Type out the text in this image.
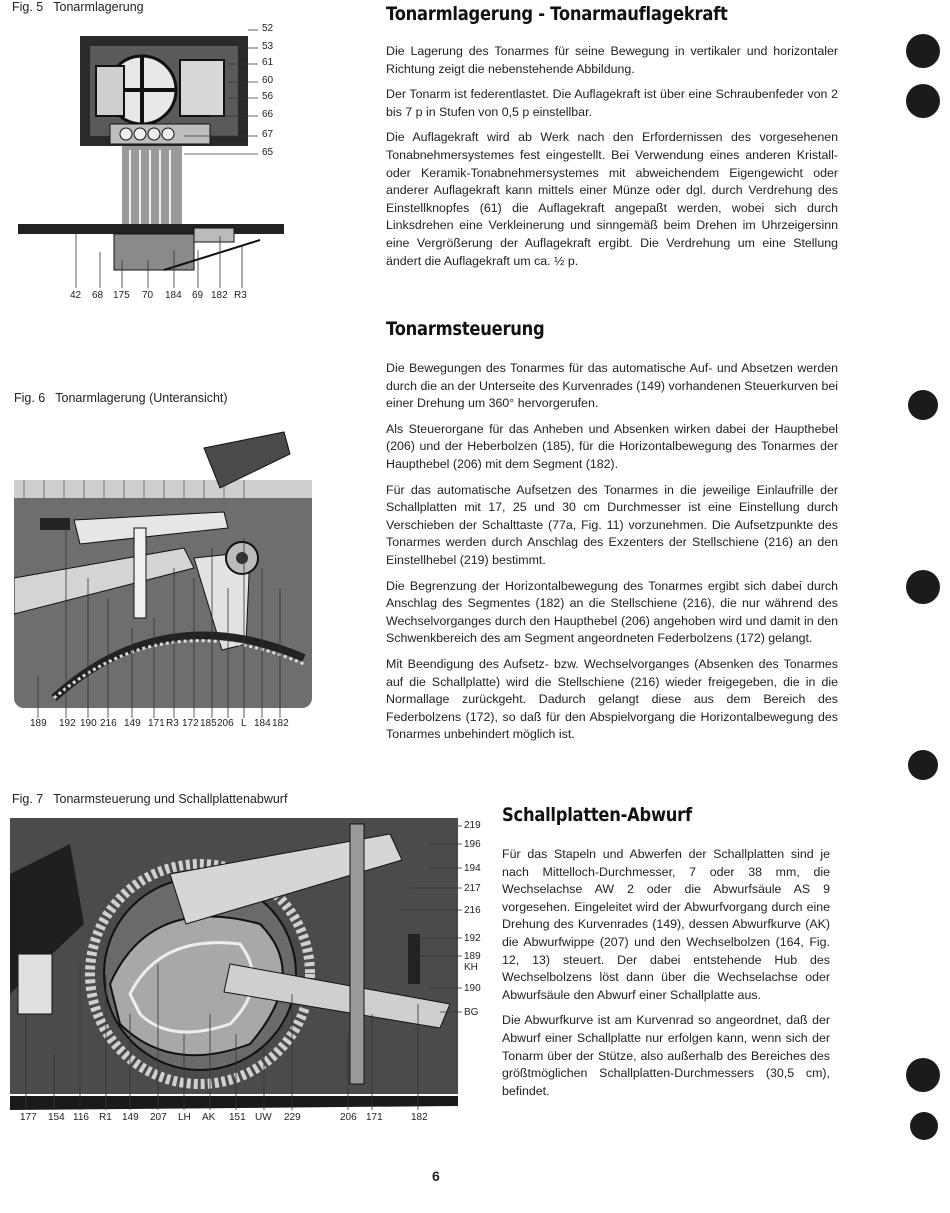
Fig. 5 Tonarmlagerung
52
53
61
60
56
66
67
65
42 68 175 70 184 69 182 R3
Tonarmlagerung - Tonarmauflagekraft

Die Lagerung des Tonarmes für seine Bewegung in vertikaler und horizontaler Richtung zeigt die nebenstehende Abbildung.

Der Tonarm ist federentlastet. Die Auflagekraft ist über eine Schraubenfeder von 2 bis 7 p in Stufen von 0,5 p einstellbar.

Die Auflagekraft wird ab Werk nach den Erfordernissen des vorgesehenen Tonabnehmersystemes fest eingestellt. Bei Verwendung eines anderen Kristall- oder Keramik-Tonabnehmersystemes mit abweichendem Eigengewicht oder anderer Auflagekraft kann mittels einer Münze oder dgl. durch Verdrehung des Einstellknopfes (61) die Auflagekraft angepaßt werden, wobei sich durch Linksdrehen eine Verkleinerung und sinngemäß beim Drehen im Uhrzeigersinn eine Vergrößerung der Auflagekraft ergibt. Die Verdrehung um eine Stellung ändert die Auflagekraft um ca. ½ p.

Tonarmsteuerung

Die Bewegungen des Tonarmes für das automatische Auf- und Absetzen werden durch die an der Unterseite des Kurvenrades (149) vorhandenen Steuerkurven bei einer Drehung um 360° hervorgerufen.

Als Steuerorgane für das Anheben und Absenken wirken dabei der Haupthebel (206) und der Heberbolzen (185), für die Horizontalbewegung des Tonarmes der Haupthebel (206) mit dem Segment (182).

Für das automatische Aufsetzen des Tonarmes in die jeweilige Einlaufrille der Schallplatten mit 17, 25 und 30 cm Durchmesser ist eine Einstellung durch Verschieben der Schalttaste (77a, Fig. 11) vorzunehmen. Die Aufsetzpunkte des Tonarmes werden durch Anschlag des Exzenters der Stellschiene (216) an den Einstellhebel (219) bestimmt.

Die Begrenzung der Horizontalbewegung des Tonarmes ergibt sich dabei durch Anschlag des Segmentes (182) an die Stellschiene (216), die nur während des Wechselvorganges durch den Haupthebel (206) angehoben wird und damit in den Schwenkbereich des am Segment angeordneten Federbolzens (172) gelangt.

Mit Beendigung des Aufsetz- bzw. Wechselvorganges (Absenken des Tonarmes auf die Schallplatte) wird die Stellschiene (216) wieder freigegeben, die in die Normallage zurückgeht. Dadurch gelangt diese aus dem Bereich des Federbolzens (172), so daß für den Abspielvorgang die Horizontalbewegung des Tonarmes unbehindert möglich ist.

Fig. 6 Tonarmlagerung (Unteransicht)
189 192 190 216 149 171 R3 172 185 206 L 184 182
Fig. 7 Tonarmsteuerung und Schallplattenabwurf
219
196
194
217
216
192
189
KH
190
BG
177 154 116 R1 149 207 LH AK 151 UW 229	206 171	182
Schallplatten-Abwurf

Für das Stapeln und Abwerfen der Schallplatten sind je nach Mittelloch-Durchmesser, 7 oder 38 mm, die Wechselachse AW 2 oder die Abwurfsäule AS 9 vorgesehen. Eingeleitet wird der Abwurfvorgang durch eine Drehung des Kurvenrades (149), dessen Abwurfkurve (AK) die Abwurfwippe (207) und den Wechselbolzen (164, Fig. 12, 13) steuert. Der dabei entstehende Hub des Wechselbolzens löst dann über die Wechselachse oder Abwurfsäule den Abwurf einer Schallplatte aus.

Die Abwurfkurve ist am Kurvenrad so angeordnet, daß der Abwurf einer Schallplatte nur erfolgen kann, wenn sich der Tonarm über der Stütze, also außerhalb des Bereiches des größtmöglichen Schallplatten-Durchmessers (30,5 cm), befindet.

6
